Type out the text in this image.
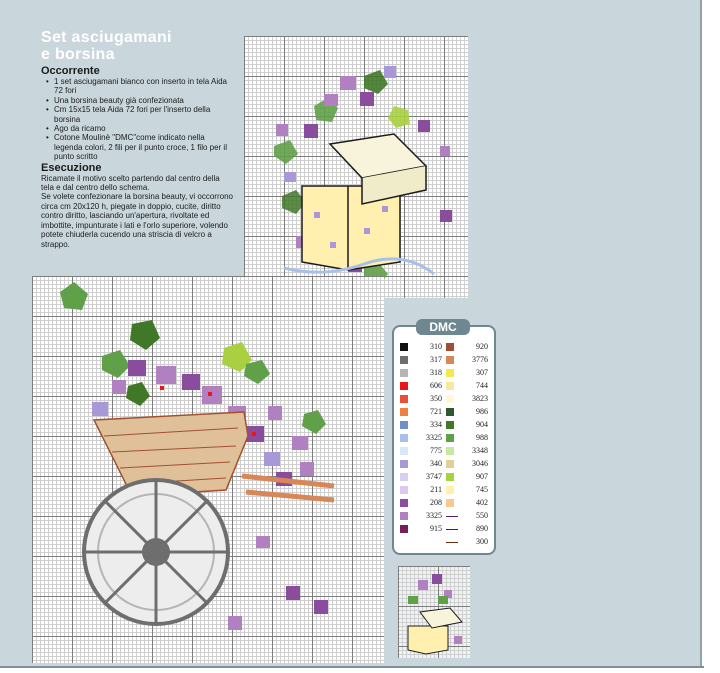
Set asciugamani
e borsina
Occorrente
• 1 set asciugamani bianco con inserto in tela Aida 72 fori
• Una borsina beauty già confezionata
• Cm 15x15 tela Aida 72 fori per l'inserto della borsina
• Ago da ricamo
• Cotone Moulinè "DMC"come indicato nella legenda colori, 2 fili per il punto croce, 1 filo per il punto scritto
Esecuzione

Ricamate il motivo scelto partendo dal centro della tela e dal centro dello schema.

Se volete confezionare la borsina beauty, vi occorrono circa cm 20x120 h, piegate in doppio, cucite, diritto contro diritto, lasciando un'apertura, rivoltate ed imbottite, impunturate i lati e l'orlo superiore, volendo potete chiuderla cucendo una striscia di velcro a strappo.

DMC
310
317
318
606
350
721
334
3325
775
340
3747
211
208
3325
915
920
3776
307
744
3823
986
904
988
3348
3046
907
745
402
550
890
300
